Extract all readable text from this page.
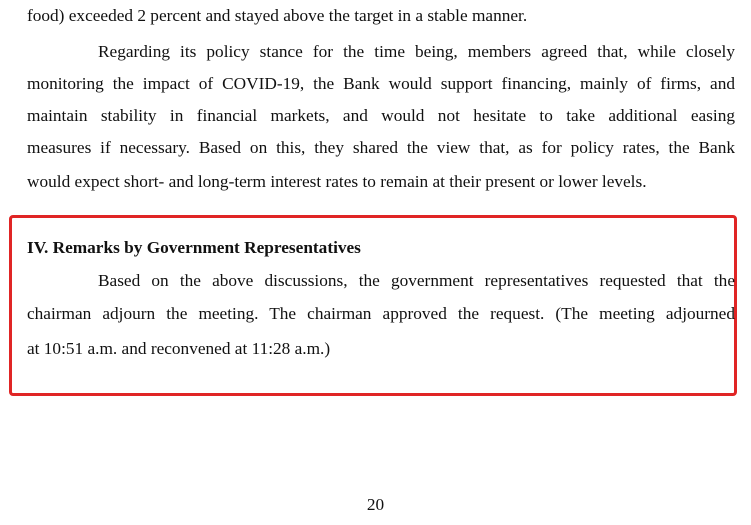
food) exceeded 2 percent and stayed above the target in a stable manner.
Regarding its policy stance for the time being, members agreed that, while closely
monitoring the impact of COVID-19, the Bank would support financing, mainly of firms, and
maintain stability in financial markets, and would not hesitate to take additional easing
measures if necessary. Based on this, they shared the view that, as for policy rates, the Bank
would expect short- and long-term interest rates to remain at their present or lower levels.
IV. Remarks by Government Representatives
Based on the above discussions, the government representatives requested that the
chairman adjourn the meeting. The chairman approved the request. (The meeting adjourned
at 10:51 a.m. and reconvened at 11:28 a.m.)
20
